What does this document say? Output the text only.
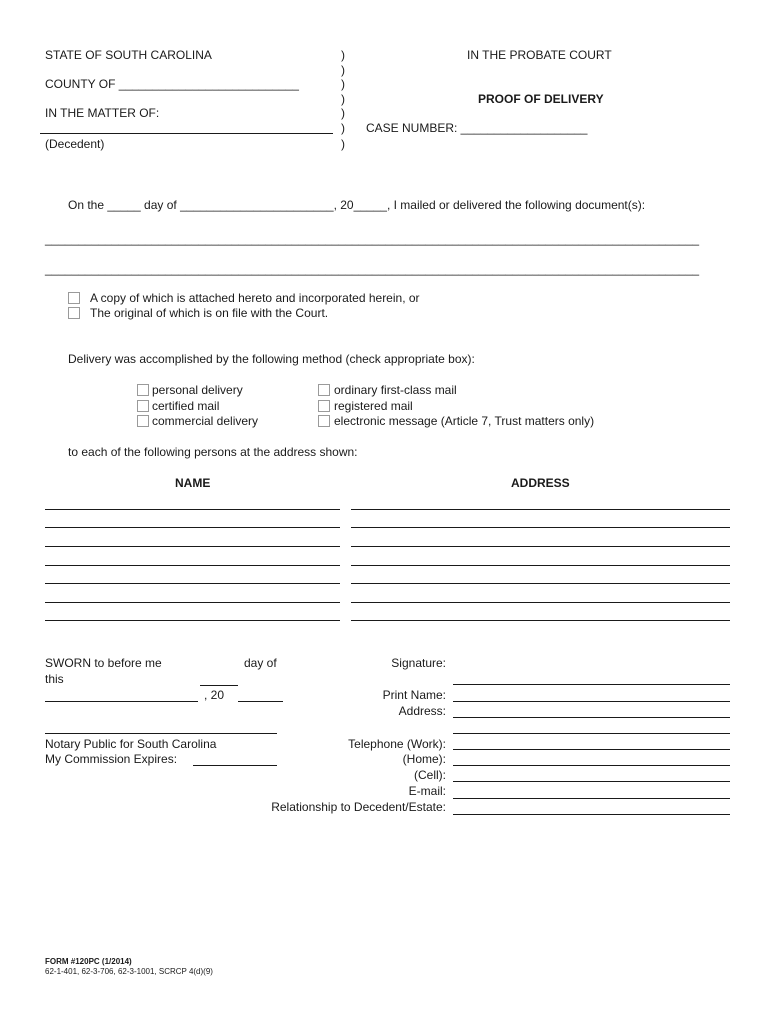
STATE OF SOUTH CAROLINA
COUNTY OF ___________________________
IN THE MATTER OF:
(Decedent)
)
)
)
)
)
)
)
IN THE PROBATE COURT
PROOF OF DELIVERY
CASE NUMBER: ___________________
On the _____ day of _______________________, 20_____, I mailed or delivered the following document(s):
__________________________________________________________________________________________________
__________________________________________________________________________________________________
A copy of which is attached hereto and incorporated herein, or
The original of which is on file with the Court.
Delivery was accomplished by the following method (check appropriate box):
personal delivery
certified mail
commercial delivery
ordinary first-class mail
registered mail
electronic message (Article 7, Trust matters only)
to each of the following persons at the address shown:
NAME	ADDRESS
SWORN to before me	day of
this
, 20
Notary Public for South Carolina
My Commission Expires:
Signature:
Print Name:
Address:
Telephone (Work):
(Home):
(Cell):
E-mail:
Relationship to Decedent/Estate:
FORM #120PC (1/2014)
62-1-401, 62-3-706, 62-3-1001, SCRCP 4(d)(9)
